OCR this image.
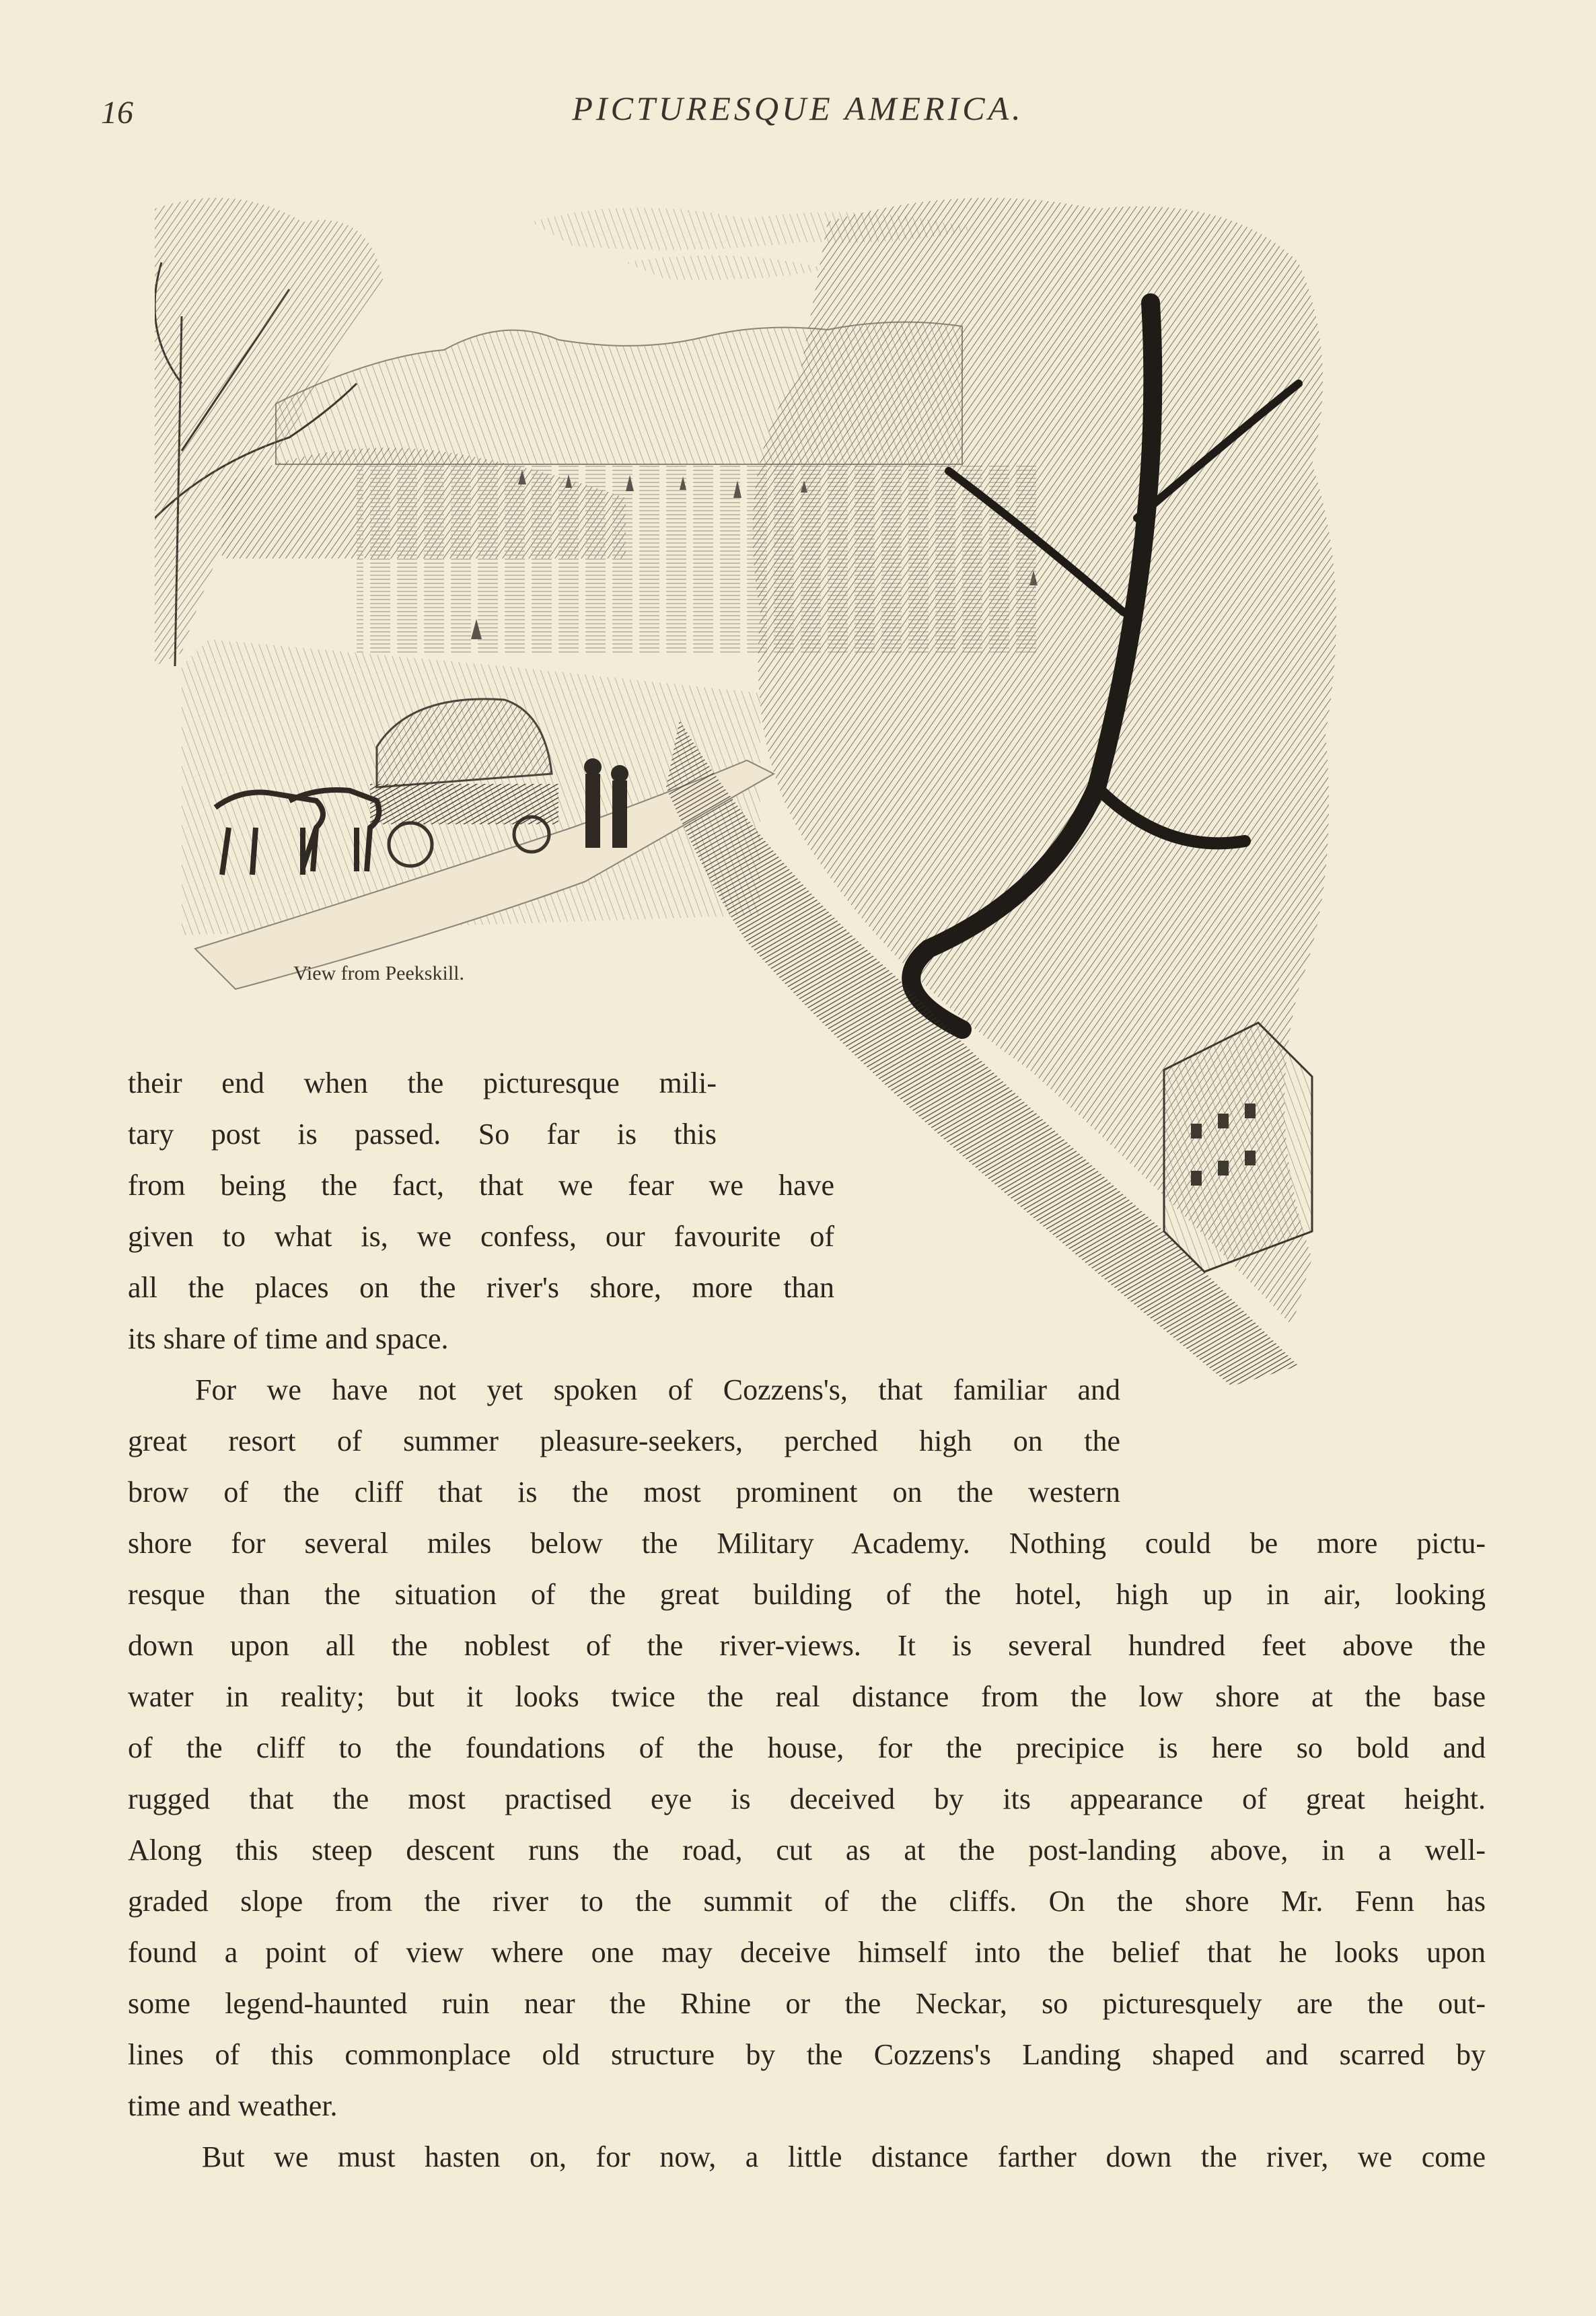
16	PICTURESQUE AMERICA.
View from Peekskill.
their end when the picturesque mili-
tary post is passed. So far is this
from being the fact, that we fear we have
given to what is, we confess, our favourite of
all the places on the river's shore, more than
its share of time and space.
For we have not yet spoken of Cozzens's, that familiar and
great resort of summer pleasure-seekers, perched high on the
brow of the cliff that is the most prominent on the western
shore for several miles below the Military Academy. Nothing could be more pictu-
resque than the situation of the great building of the hotel, high up in air, looking
down upon all the noblest of the river-views. It is several hundred feet above the
water in reality; but it looks twice the real distance from the low shore at the base
of the cliff to the foundations of the house, for the precipice is here so bold and
rugged that the most practised eye is deceived by its appearance of great height.
Along this steep descent runs the road, cut as at the post-landing above, in a well-
graded slope from the river to the summit of the cliffs. On the shore Mr. Fenn has
found a point of view where one may deceive himself into the belief that he looks upon
some legend-haunted ruin near the Rhine or the Neckar, so picturesquely are the out-
lines of this commonplace old structure by the Cozzens's Landing shaped and scarred by
time and weather.
But we must hasten on, for now, a little distance farther down the river, we come
